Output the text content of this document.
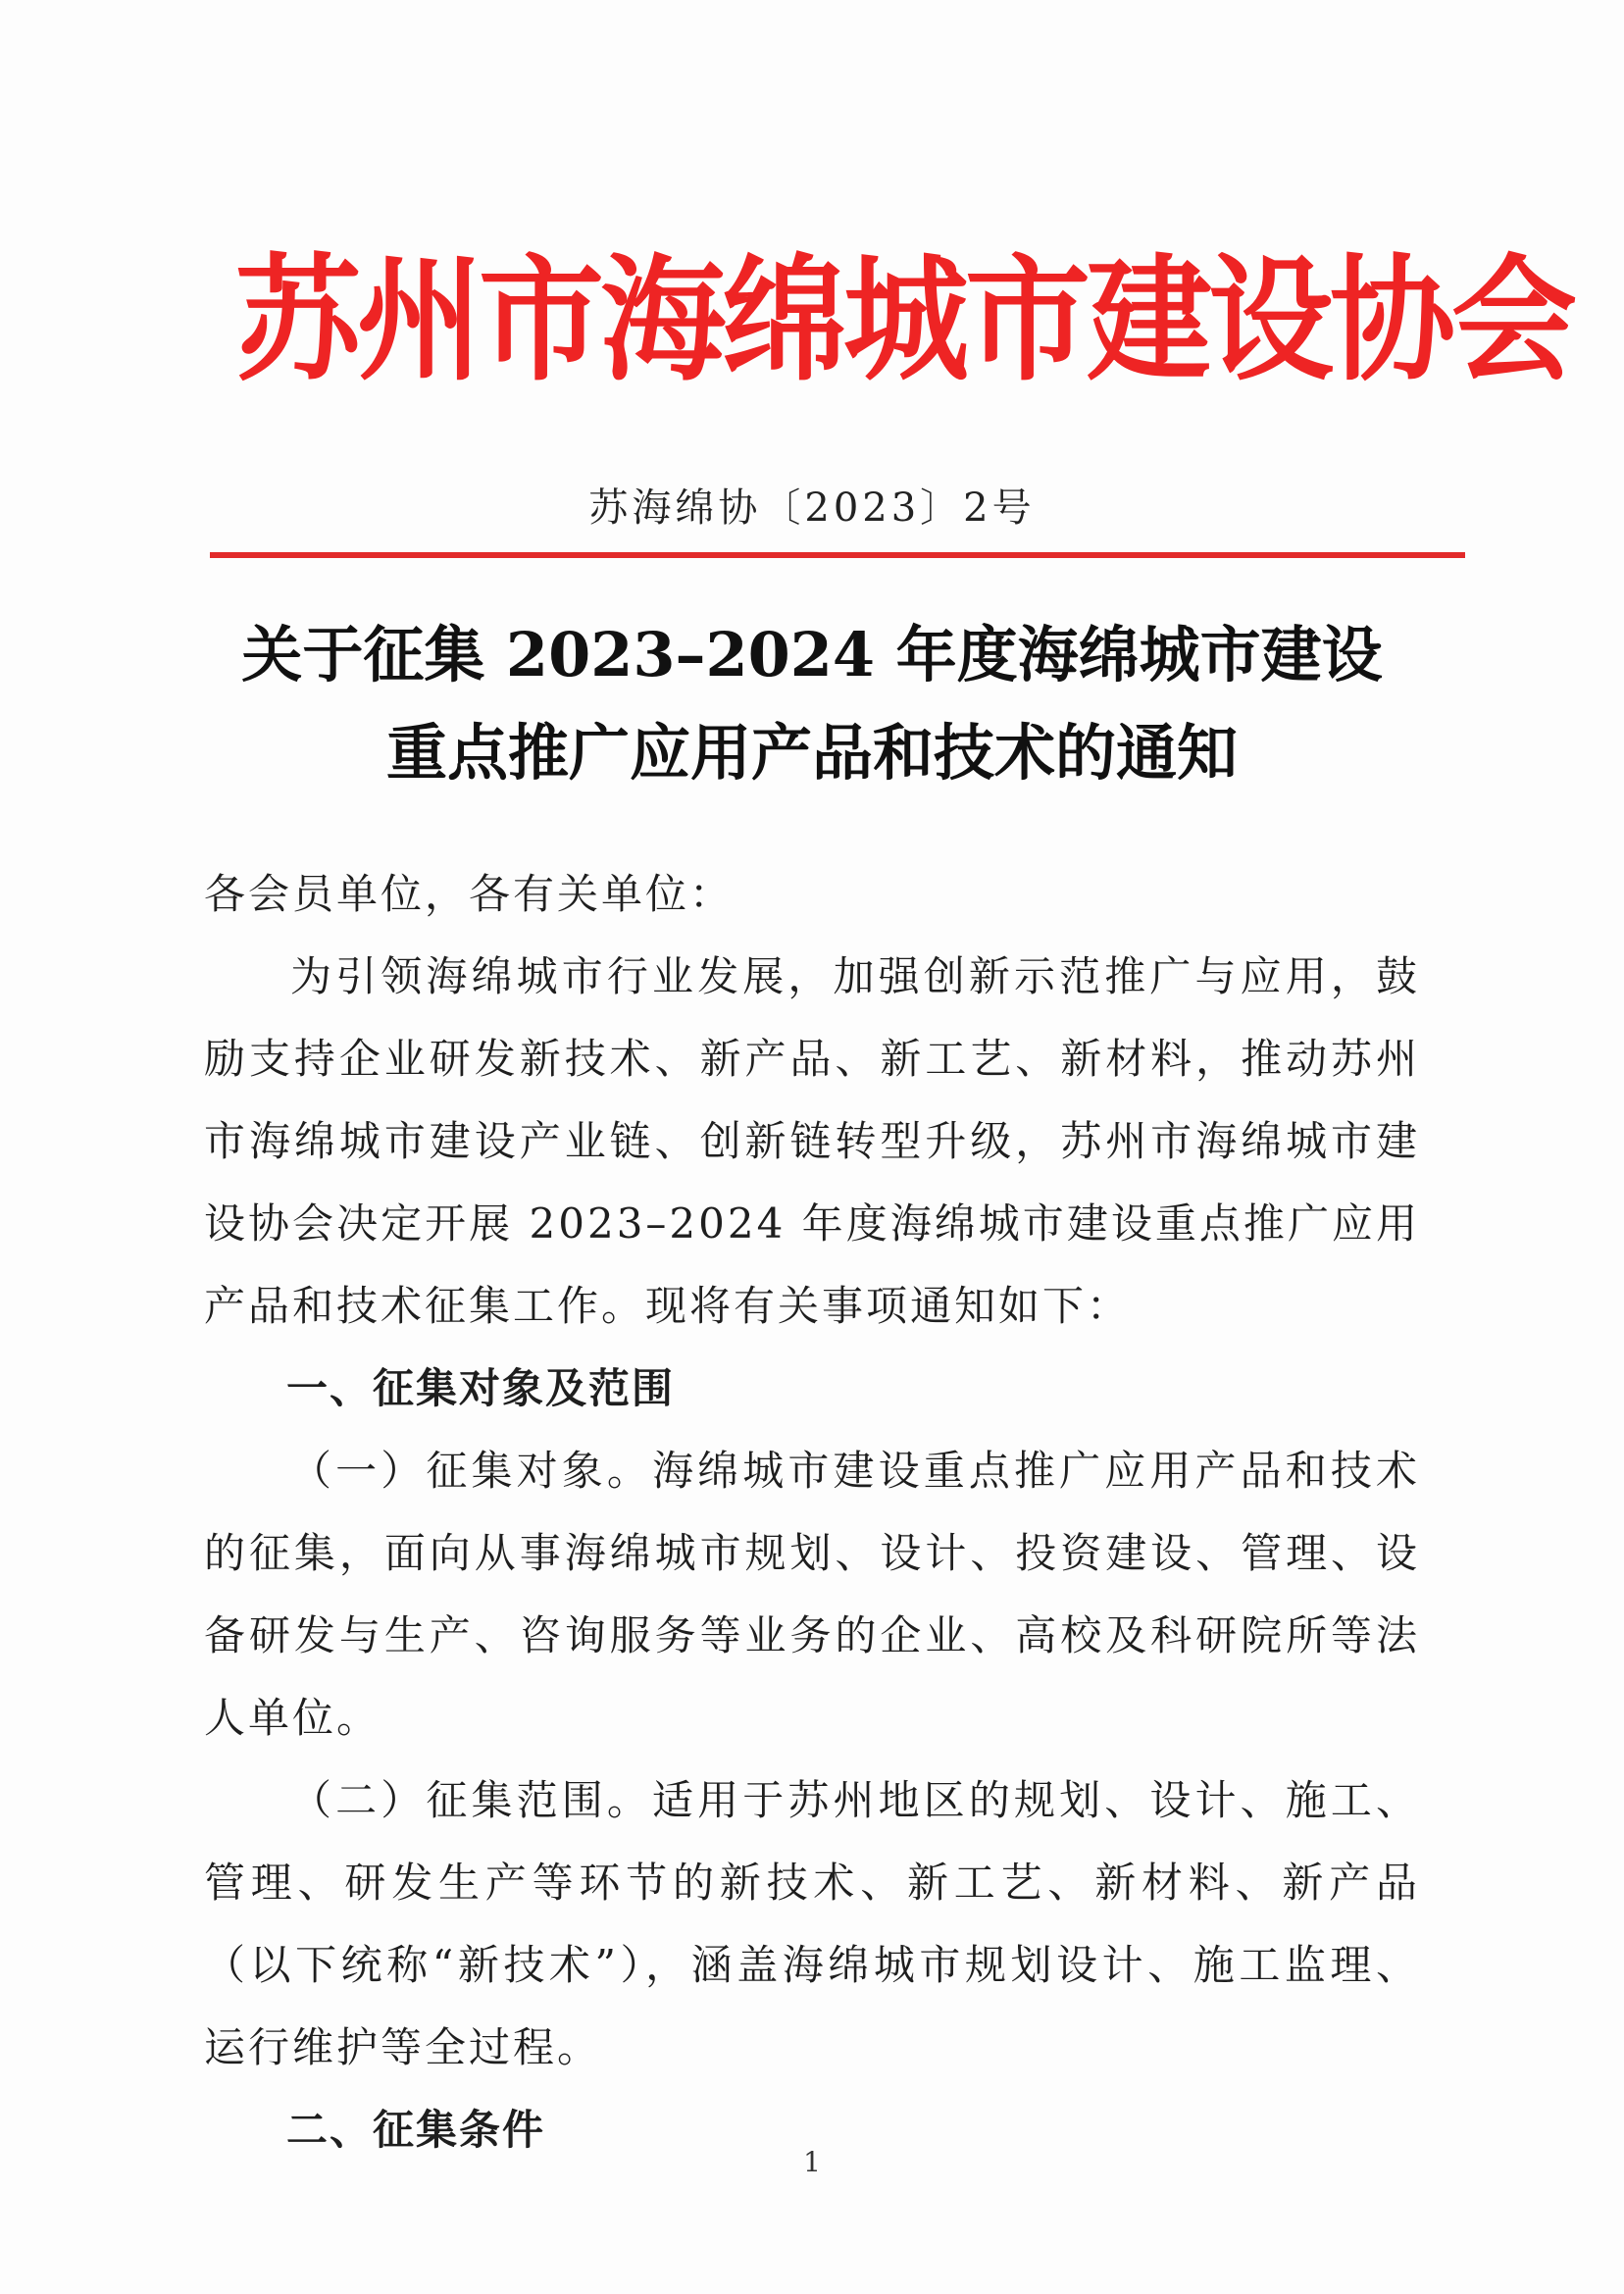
苏州市海绵城市建设协会
苏海绵协〔2023〕2号
关于征集 2023–2024 年度海绵城市建设
重点推广应用产品和技术的通知

各会员单位，各有关单位：

为引领海绵城市行业发展，加强创新示范推广与应用，鼓励支持企业研发新技术、新产品、新工艺、新材料，推动苏州市海绵城市建设产业链、创新链转型升级，苏州市海绵城市建设协会决定开展 2023–2024 年度海绵城市建设重点推广应用产品和技术征集工作。现将有关事项通知如下：

一、征集对象及范围

（一）征集对象。海绵城市建设重点推广应用产品和技术的征集，面向从事海绵城市规划、设计、投资建设、管理、设备研发与生产、咨询服务等业务的企业、高校及科研院所等法人单位。

（二）征集范围。适用于苏州地区的规划、设计、施工、管理、研发生产等环节的新技术、新工艺、新材料、新产品（以下统称“新技术”），涵盖海绵城市规划设计、施工监理、运行维护等全过程。

二、征集条件

1
